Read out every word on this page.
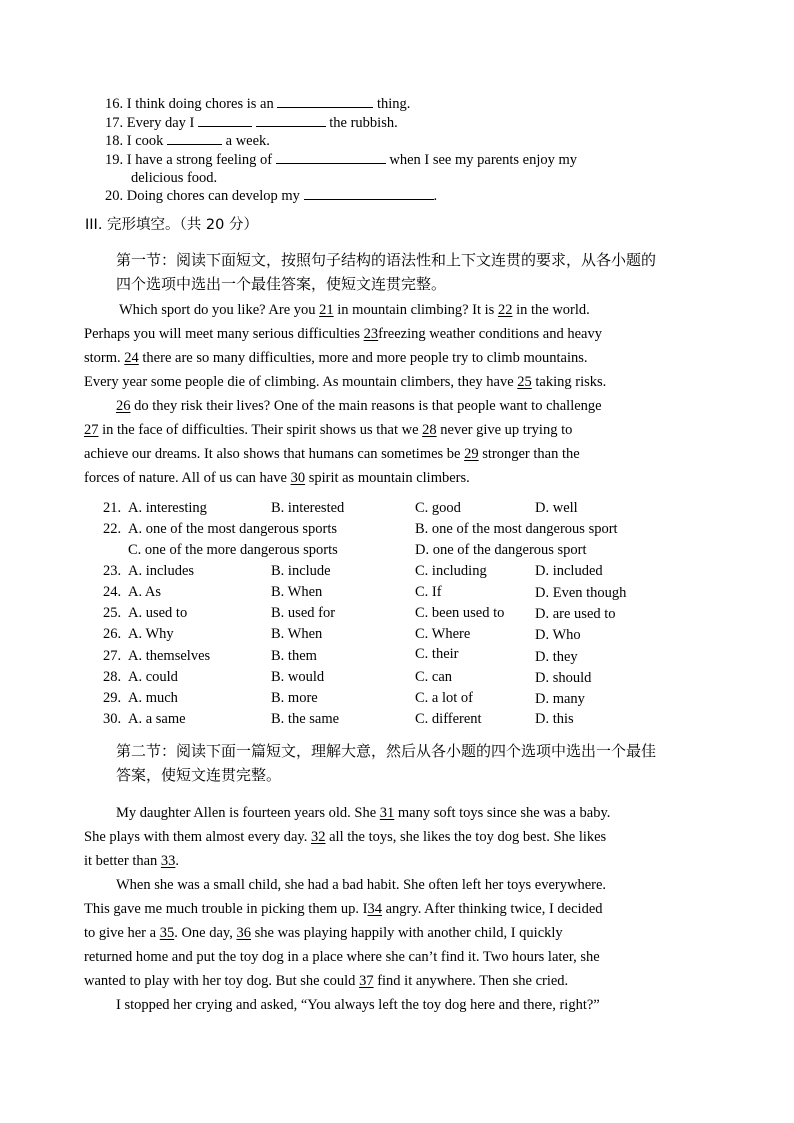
16. I think doing chores is an	thing.
17. Every day I	the rubbish.
18. I cook	a week.
19. I have a strong feeling of	when I see my parents enjoy my
delicious food.
20. Doing chores can develop my	.
III. 完形填空。（共 20 分）
第一节：阅读下面短文，按照句子结构的语法性和上下文连贯的要求，从各小题的
四个选项中选出一个最佳答案，使短文连贯完整。
Which sport do you like? Are you 21 in mountain climbing? It is 22 in the world.
Perhaps you will meet many serious difficulties 23freezing weather conditions and heavy
storm. 24 there are so many difficulties, more and more people try to climb mountains.
Every year some people die of climbing. As mountain climbers, they have 25 taking risks.
26 do they risk their lives? One of the main reasons is that people want to challenge
27 in the face of difficulties. Their spirit shows us that we 28 never give up trying to
achieve our dreams. It also shows that humans can sometimes be 29 stronger than the
forces of nature. All of us can have 30 spirit as mountain climbers.
21. A. interesting	B. interested	C. good	D. well
22. A. one of the most dangerous sports	B. one of the most dangerous sport
C. one of the more dangerous sports	D. one of the dangerous sport
23. A. includes	B. include	C. including	D. included
24. A. As	B. When	C. If	D. Even though
25. A. used to	B. used for	C. been used to D. are used to
26. A. Why	B. When	C. Where	D. Who
27. A. themselves	B. them	C. their	D. they
28. A. could	B. would	C. can	D. should
29. A. much	B. more	C. a lot of	D. many
30. A. a same	B. the same	C. different	D. this
第二节：阅读下面一篇短文，理解大意，然后从各小题的四个选项中选出一个最佳
答案，使短文连贯完整。
My daughter Allen is fourteen years old. She 31 many soft toys since she was a baby.
She plays with them almost every day. 32 all the toys, she likes the toy dog best. She likes
it better than 33.
When she was a small child, she had a bad habit. She often left her toys everywhere.
This gave me much trouble in picking them up. I34 angry. After thinking twice, I decided
to give her a 35. One day, 36 she was playing happily with another child, I quickly
returned home and put the toy dog in a place where she can’t find it. Two hours later, she
wanted to play with her toy dog. But she could 37 find it anywhere. Then she cried.
I stopped her crying and asked, “You always left the toy dog here and there, right?”
